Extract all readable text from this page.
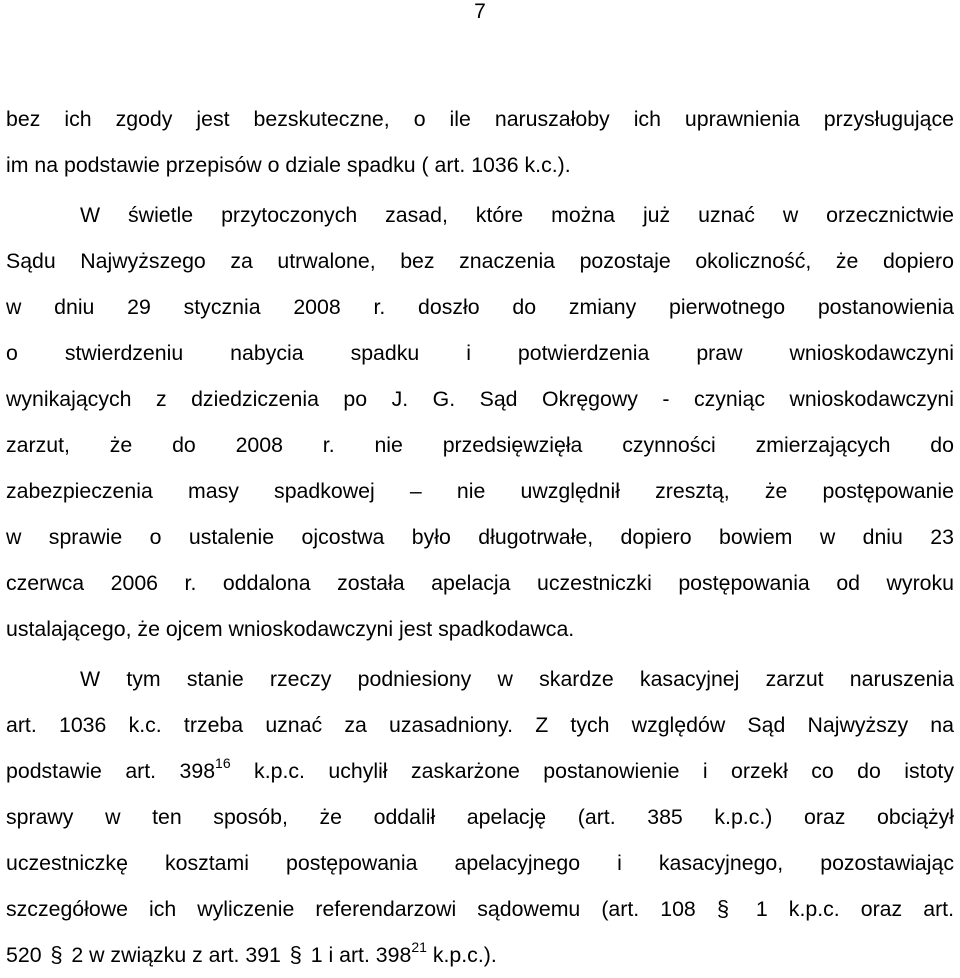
7

bez ich zgody jest bezskuteczne, o ile naruszałoby ich uprawnienia przysługujące
im na podstawie przepisów o dziale spadku ( art. 1036 k.c.).

W świetle przytoczonych zasad, które można już uznać w orzecznictwie
Sądu Najwyższego za utrwalone, bez znaczenia pozostaje okoliczność, że dopiero
w dniu 29 stycznia 2008 r. doszło do zmiany pierwotnego postanowienia
o stwierdzeniu nabycia spadku i potwierdzenia praw wnioskodawczyni
wynikających z dziedziczenia po J. G. Sąd Okręgowy - czyniąc wnioskodawczyni
zarzut, że do 2008 r. nie przedsięwzięła czynności zmierzających do
zabezpieczenia masy spadkowej – nie uwzględnił zresztą, że postępowanie
w sprawie o ustalenie ojcostwa było długotrwałe, dopiero bowiem w dniu 23
czerwca 2006 r. oddalona została apelacja uczestniczki postępowania od wyroku
ustalającego, że ojcem wnioskodawczyni jest spadkodawca.

W tym stanie rzeczy podniesiony w skardze kasacyjnej zarzut naruszenia
art. 1036 k.c. trzeba uznać za uzasadniony. Z tych względów Sąd Najwyższy na
podstawie art. $398^{16}$ k.p.c. uchylił zaskarżone postanowienie i orzekł co do istoty
sprawy w ten sposób, że oddalił apelację (art. 385 k.p.c.) oraz obciążył
uczestniczkę kosztami postępowania apelacyjnego i kasacyjnego, pozostawiając
szczegółowe ich wyliczenie referendarzowi sądowemu (art. 108 § 1 k.p.c. oraz art.
520 § 2 w związku z art. 391 § 1 i art. $398^{21}$ k.p.c.).
